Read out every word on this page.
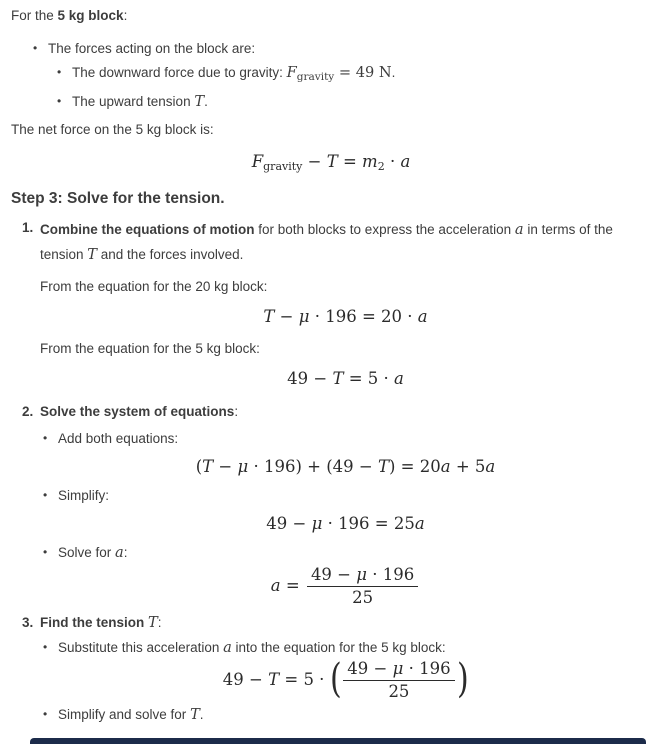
For the 5 kg block:
• The forces acting on the block are:
• The downward force due to gravity: $F_{gravity} = 49$ N.
• The upward tension T.
The net force on the 5 kg block is:
Fgravity − T = m2 · a
Step 3: Solve for the tension.
1. Combine the equations of motion for both blocks to express the acceleration a in terms of the tension T and the forces involved.
From the equation for the 20 kg block:
T − μ · 196 = 20 · a
From the equation for the 5 kg block:
49 − T = 5 · a
2. Solve the system of equations:
• Add both equations:
(T − μ · 196) + (49 − T) = 20a + 5a
• Simplify:
49 − μ · 196 = 25a
• Solve for a:
$a = \frac{49 - \mu \cdot 196}{25}$
3. Find the tension T:
• Substitute this acceleration a into the equation for the 5 kg block:
49 − T = 5 · ( $\frac{49 - \mu \cdot 196}{25}$ )
• Simplify and solve for T.
